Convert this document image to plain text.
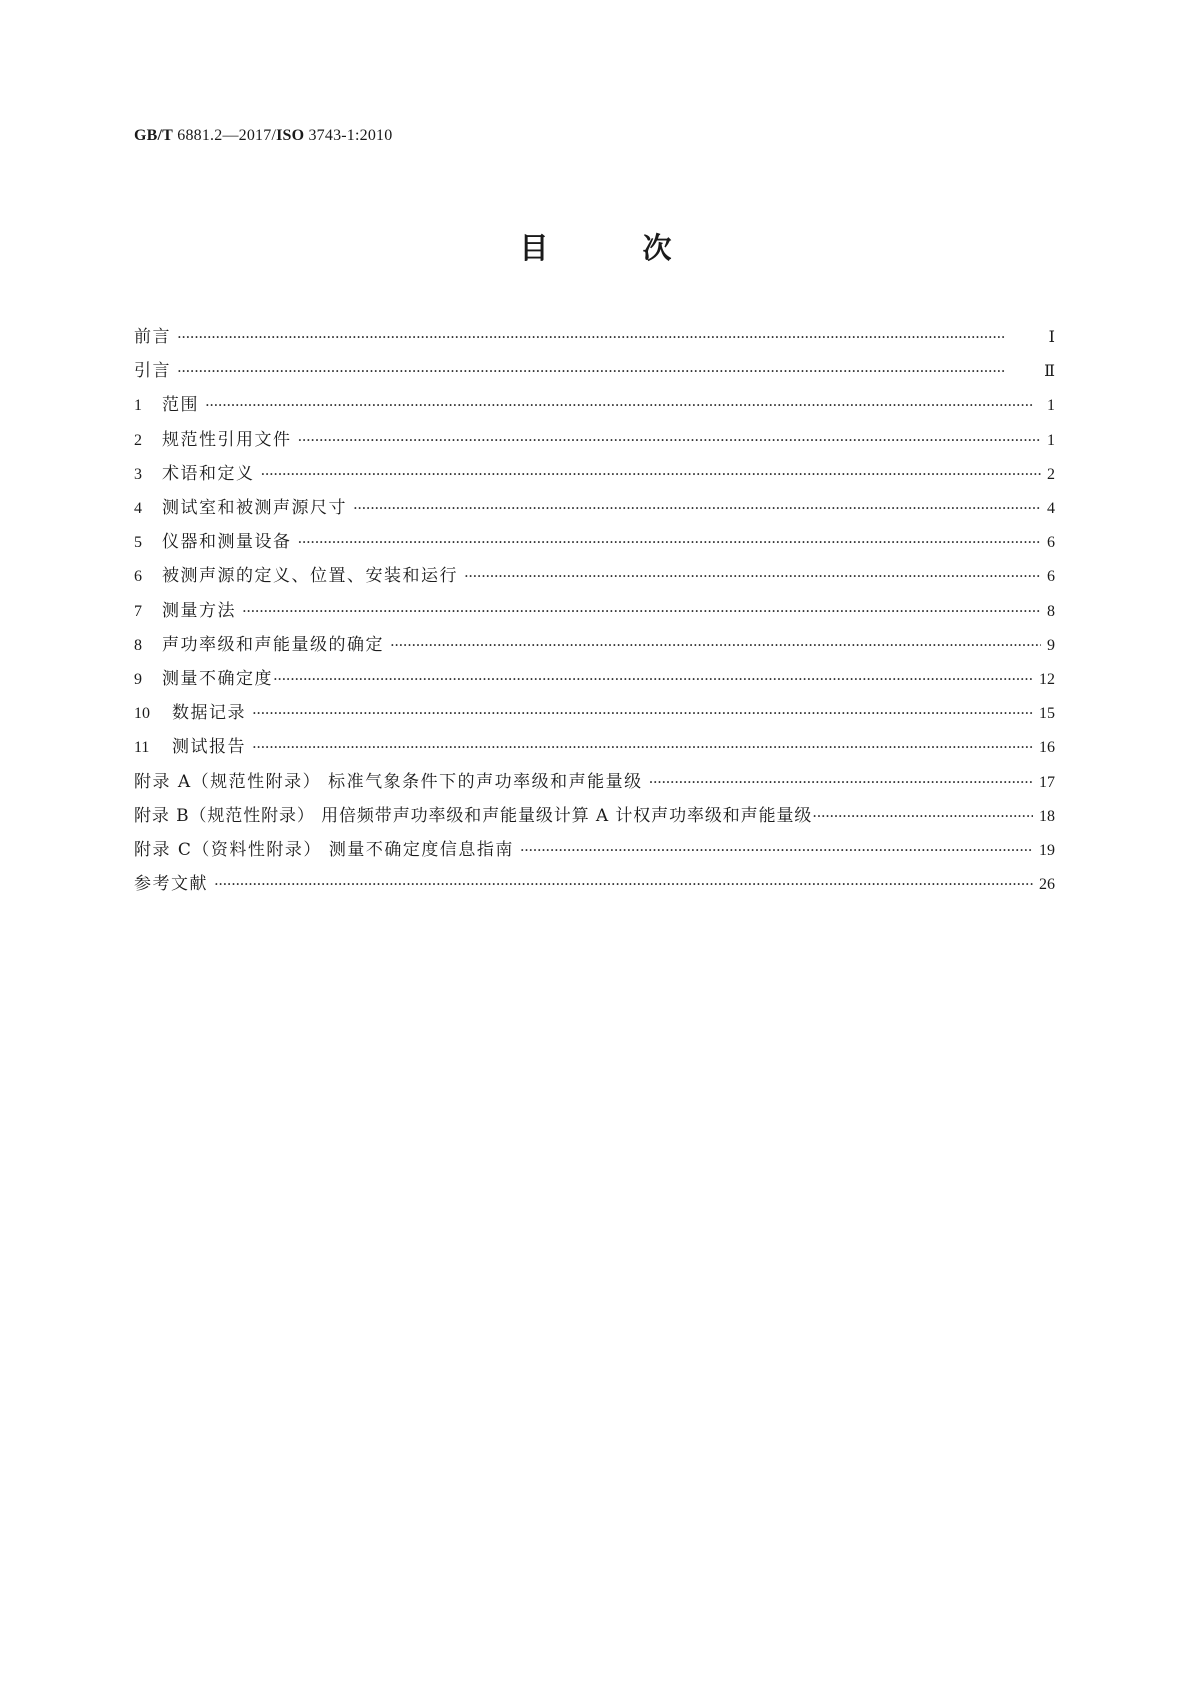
GB/T 6881.2—2017/ISO 3743-1:2010
目 次
前言 ·····	Ⅰ
引言 ·····	Ⅱ
1	范围 ·····	1
2	规范性引用文件 ·····	1
3	术语和定义 ·····	2
4	测试室和被测声源尺寸 ·····	4
5	仪器和测量设备 ·····	6
6	被测声源的定义、位置、安装和运行 ·····	6
7	测量方法 ·····	8
8	声功率级和声能量级的确定 ·····	9
9	测量不确定度 ·····	12
10	数据记录 ·····	15
11	测试报告 ·····	16
附录 A（规范性附录） 标准气象条件下的声功率级和声能量级 ·····	17
附录 B（规范性附录） 用倍频带声功率级和声能量级计算 A 计权声功率级和声能量级 ·····	18
附录 C（资料性附录） 测量不确定度信息指南 ·····	19
参考文献 ·····	26
